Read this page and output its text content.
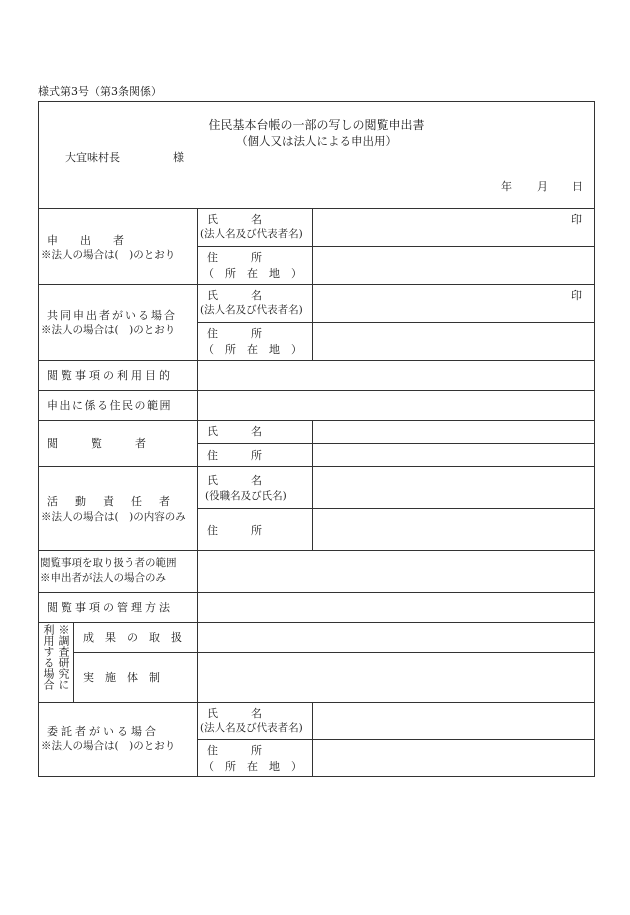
様式第3号（第3条関係）
住民基本台帳の一部の写しの閲覧申出書
（個人又は法人による申出用）
大宜味村長	様
年 月 日
申　　出　　者
※法人の場合は(　)のとおり
氏　　　名
(法人名及び代表者名)
印
住　　　所
（　所　在　地　）
共同申出者がいる場合
※法人の場合は(　)のとおり
氏　　　名
(法人名及び代表者名)
印
住　　　所
（　所　在　地　）
閲覧事項の利用目的
申出に係る住民の範囲
閲　　　覧　　　者
氏　　　名
住　　　所
活　動　責　任　者
※法人の場合は(　)の内容のみ
氏　　　名
(役職名及び氏名)
住　　　所
閲覧事項を取り扱う者の範囲
※申出者が法人の場合のみ
閲覧事項の管理方法
※調査研究に
利用する場合	成　果　の　取　扱
実　施　体　制
委託者がいる場合
※法人の場合は(　)のとおり
氏　　　名
(法人名及び代表者名)
住　　　所
（　所　在　地　）
